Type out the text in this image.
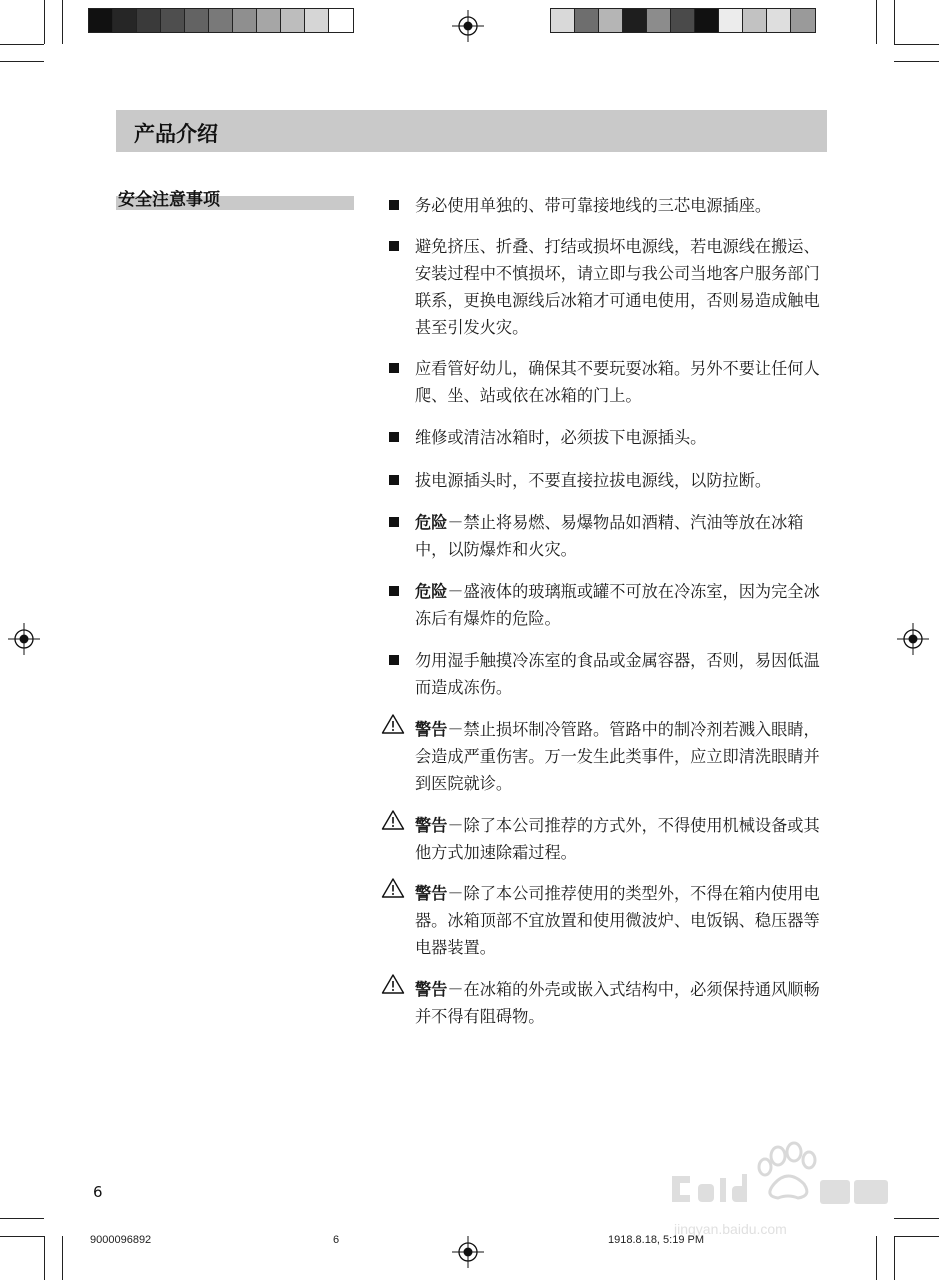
产品介绍
安全注意事项	务必使用单独的、带可靠接地线的三芯电源插座。
避免挤压、折叠、打结或损坏电源线，若电源线在搬运、安装过程中不慎损坏，请立即与我公司当地客户服务部门联系，更换电源线后冰箱才可通电使用，否则易造成触电甚至引发火灾。
应看管好幼儿，确保其不要玩耍冰箱。另外不要让任何人爬、坐、站或依在冰箱的门上。
维修或清洁冰箱时，必须拔下电源插头。
拔电源插头时，不要直接拉拔电源线，以防拉断。
危险－禁止将易燃、易爆物品如酒精、汽油等放在冰箱中，以防爆炸和火灾。
危险－盛液体的玻璃瓶或罐不可放在冷冻室，因为完全冰冻后有爆炸的危险。
勿用湿手触摸冷冻室的食品或金属容器，否则，易因低温而造成冻伤。
警告－禁止损坏制冷管路。管路中的制冷剂若溅入眼睛，会造成严重伤害。万一发生此类事件，应立即清洗眼睛并到医院就诊。
警告－除了本公司推荐的方式外，不得使用机械设备或其他方式加速除霜过程。
警告－除了本公司推荐使用的类型外，不得在箱内使用电器。冰箱顶部不宜放置和使用微波炉、电饭锅、稳压器等电器装置。
警告－在冰箱的外壳或嵌入式结构中，必须保持通风顺畅并不得有阻碍物。
6
jingyan.baidu.com
9000096892	6	1918.8.18, 5:19 PM
